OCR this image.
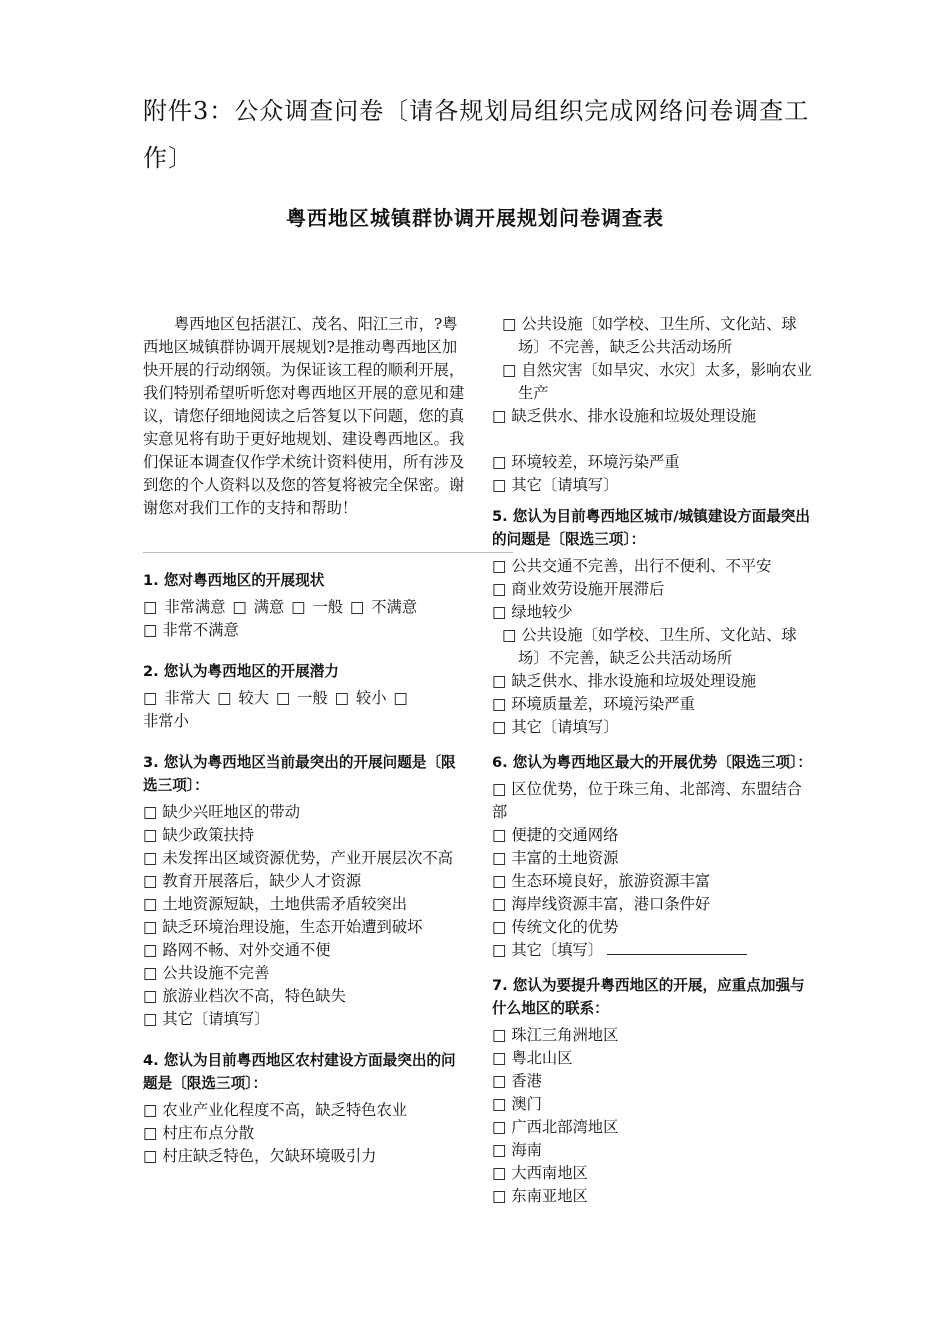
附件3：公众调查问卷〔请各规划局组织完成网络问卷调查工作〕
粤西地区城镇群协调开展规划问卷调查表
粤西地区包括湛江、茂名、阳江三市，?粤西地区城镇群协调开展规划?是推动粤西地区加快开展的行动纲领。为保证该工程的顺利开展，我们特别希望听听您对粤西地区开展的意见和建议，请您仔细地阅读之后答复以下问题，您的真实意见将有助于更好地规划、建设粤西地区。我们保证本调查仅作学术统计资料使用，所有涉及到您的个人资料以及您的答复将被完全保密。谢谢您对我们工作的支持和帮助！
1. 您对粤西地区的开展现状
□ 非常满意 □ 满意 □ 一般 □ 不满意
□ 非常不满意
2. 您认为粤西地区的开展潜力
□ 非常大 □ 较大 □ 一般 □ 较小 □
非常小
3. 您认为粤西地区当前最突出的开展问题是〔限选三项〕：
□ 缺少兴旺地区的带动
□ 缺少政策扶持
□ 未发挥出区域资源优势，产业开展层次不高
□ 教育开展落后，缺少人才资源
□ 土地资源短缺，土地供需矛盾较突出
□ 缺乏环境治理设施，生态开始遭到破坏
□ 路网不畅、对外交通不便
□ 公共设施不完善
□ 旅游业档次不高，特色缺失
□ 其它〔请填写〕
4. 您认为目前粤西地区农村建设方面最突出的问题是〔限选三项〕：
□ 农业产业化程度不高，缺乏特色农业
□ 村庄布点分散
□ 村庄缺乏特色，欠缺环境吸引力
□ 公共设施〔如学校、卫生所、文化站、球场〕不完善，缺乏公共活动场所
□ 自然灾害〔如旱灾、水灾〕太多，影响农业生产
□ 缺乏供水、排水设施和垃圾处理设施
□ 环境较差，环境污染严重
□ 其它〔请填写〕
5. 您认为目前粤西地区城市/城镇建设方面最突出的问题是〔限选三项〕：
□ 公共交通不完善，出行不便利、不平安
□ 商业效劳设施开展滞后
□ 绿地较少
□ 公共设施〔如学校、卫生所、文化站、球场〕不完善，缺乏公共活动场所
□ 缺乏供水、排水设施和垃圾处理设施
□ 环境质量差，环境污染严重
□ 其它〔请填写〕
6. 您认为粤西地区最大的开展优势〔限选三项〕：
□ 区位优势，位于珠三角、北部湾、东盟结合部
□ 便捷的交通网络
□ 丰富的土地资源
□ 生态环境良好，旅游资源丰富
□ 海岸线资源丰富，港口条件好
□ 传统文化的优势
□ 其它〔填写〕
7. 您认为要提升粤西地区的开展，应重点加强与什么地区的联系：
□ 珠江三角洲地区
□ 粤北山区
□ 香港
□ 澳门
□ 广西北部湾地区
□ 海南
□ 大西南地区
□ 东南亚地区
